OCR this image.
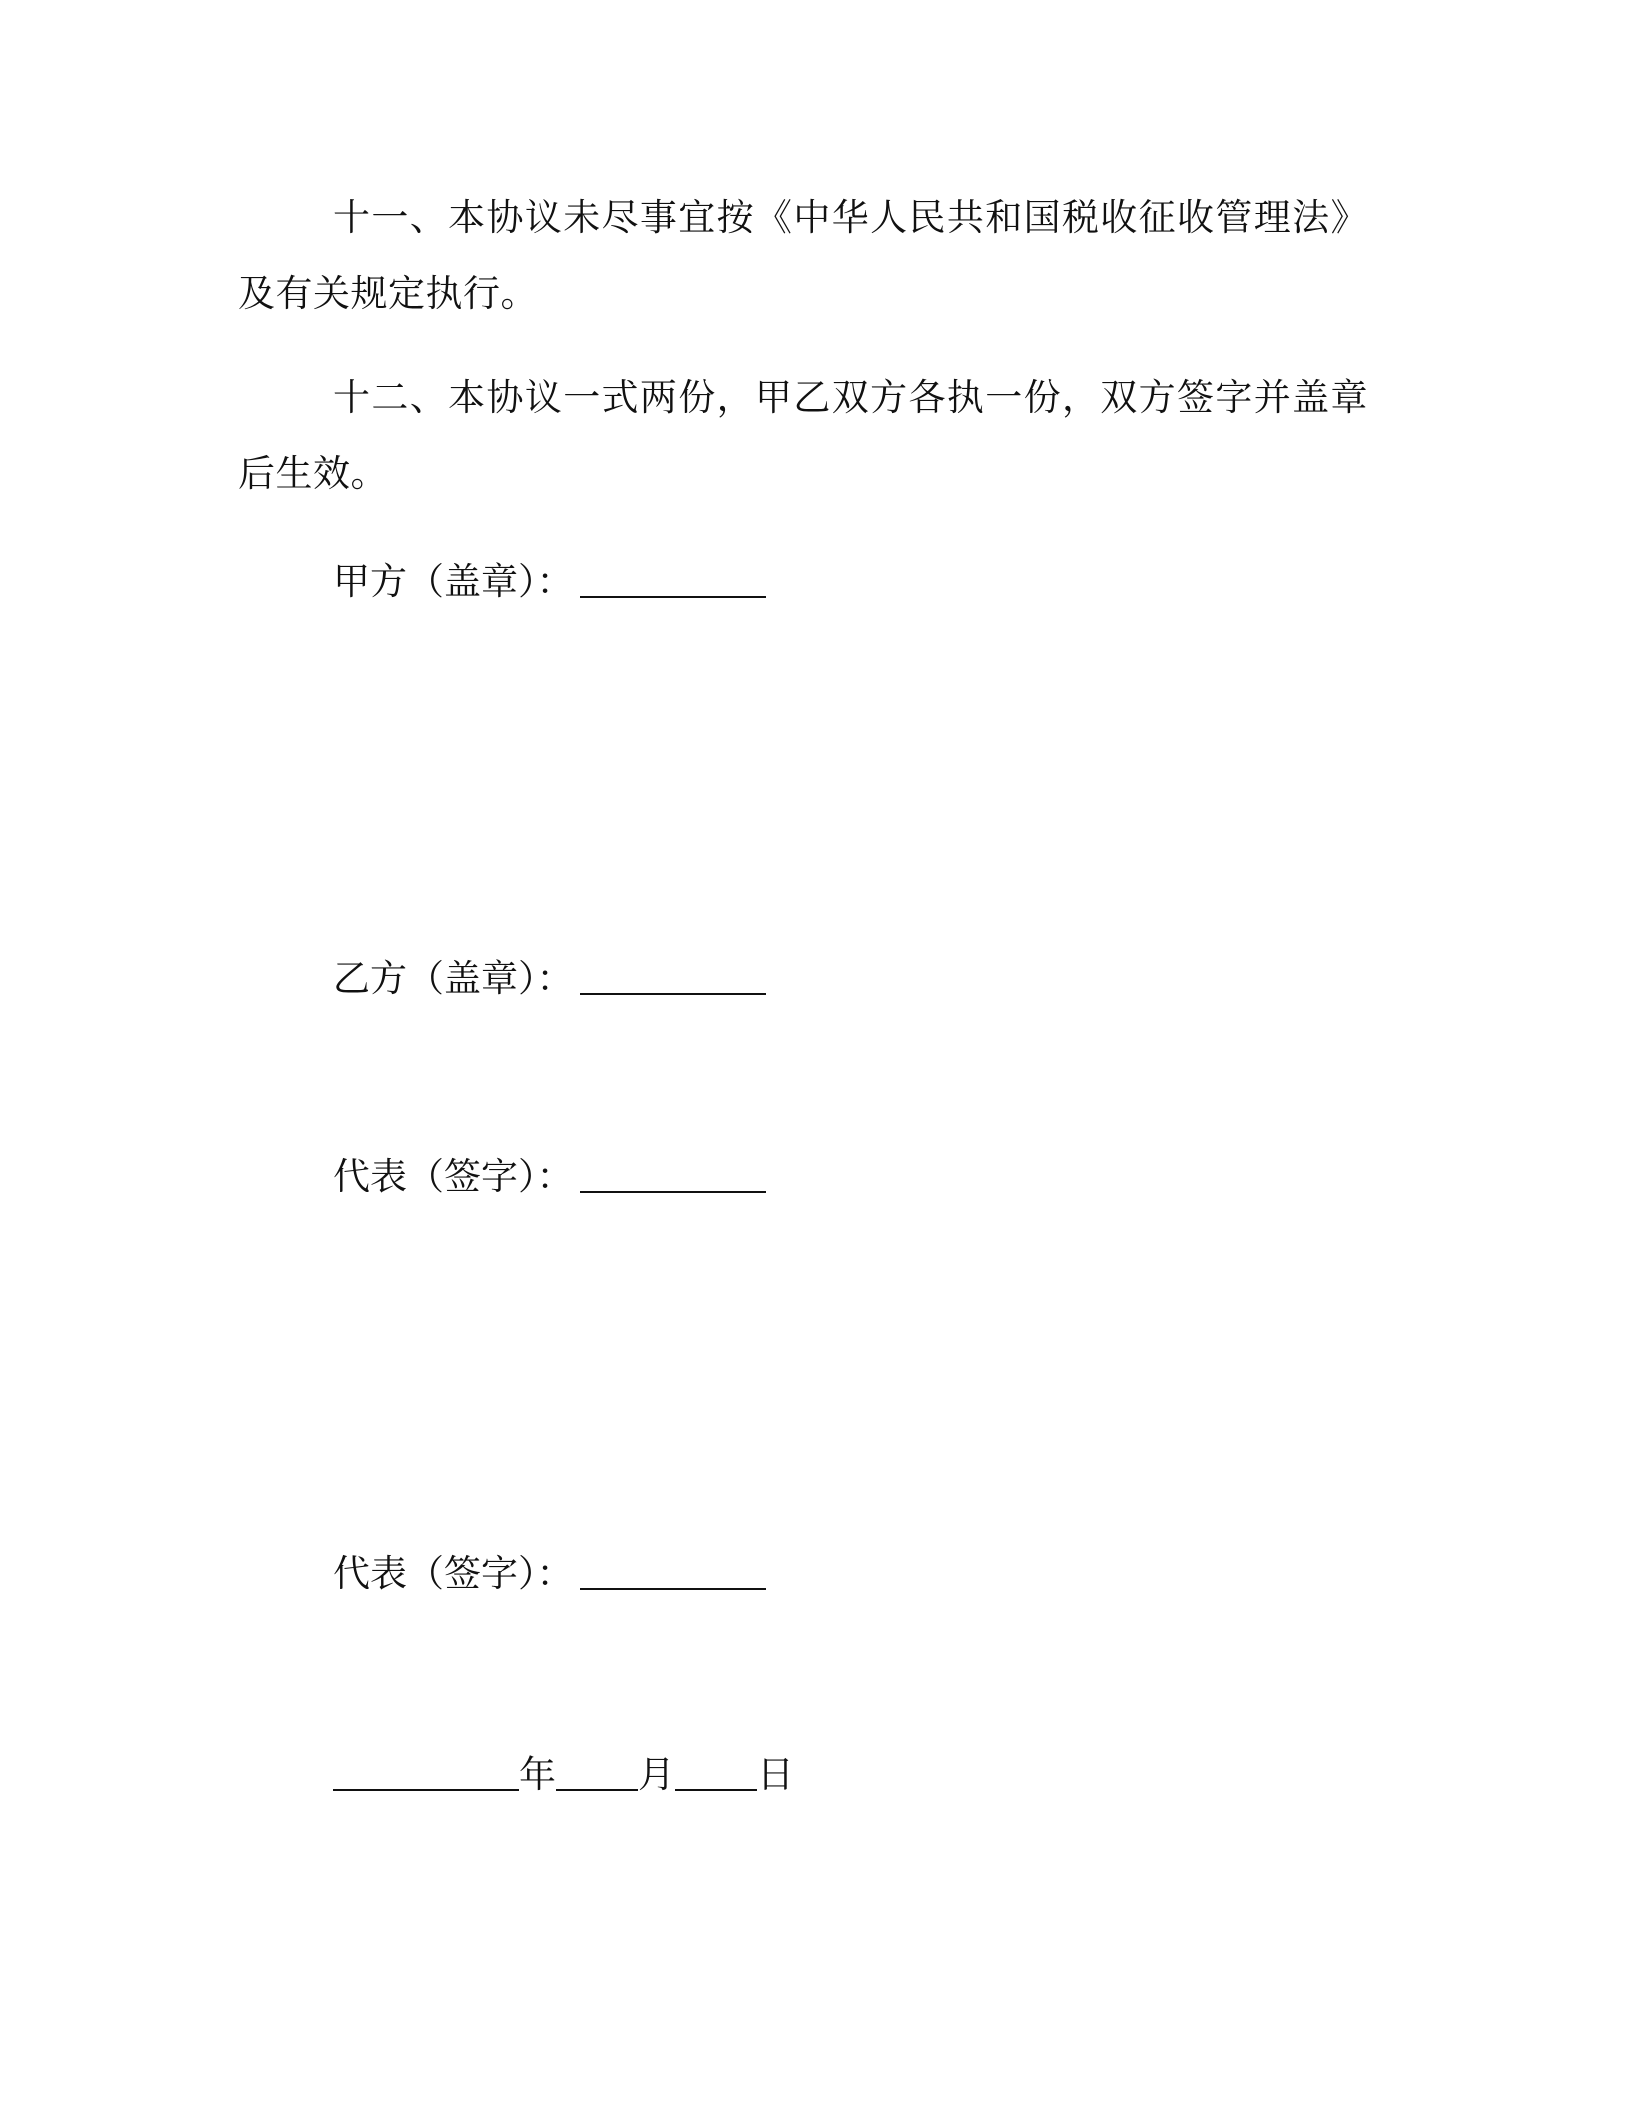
十一、本协议未尽事宜按《中华人民共和国税收征收管理法》及有关规定执行。

十二、本协议一式两份，甲乙双方各执一份，双方签字并盖章后生效。

甲方（盖章）：
乙方（盖章）：
代表（签字）：
代表（签字）：
年 月 日
